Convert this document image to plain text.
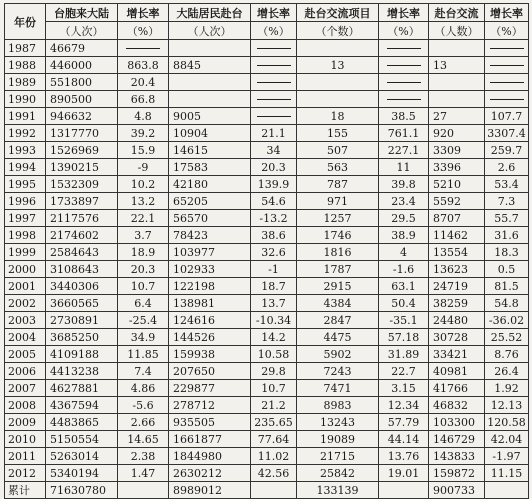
年份	台胞来大陆	增长率	大陆居民赴台	增长率	赴台交流项目	增长率	赴台交流	增长率
	（人次）	（%）	（人次）	（%）	（个数）	（%）	（人数）	（%）
1987	46679							
1988	446000	863.8	8845		13		13	
1989	551800	20.4						
1990	890500	66.8						
1991	946632	4.8	9005		18	38.5	27	107.7
1992	1317770	39.2	10904	21.1	155	761.1	920	3307.4
1993	1526969	15.9	14615	34	507	227.1	3309	259.7
1994	1390215	-9	17583	20.3	563	11	3396	2.6
1995	1532309	10.2	42180	139.9	787	39.8	5210	53.4
1996	1733897	13.2	65205	54.6	971	23.4	5592	7.3
1997	2117576	22.1	56570	-13.2	1257	29.5	8707	55.7
1998	2174602	3.7	78423	38.6	1746	38.9	11462	31.6
1999	2584643	18.9	103977	32.6	1816	4	13554	18.3
2000	3108643	20.3	102933	-1	1787	-1.6	13623	0.5
2001	3440306	10.7	122198	18.7	2915	63.1	24719	81.5
2002	3660565	6.4	138981	13.7	4384	50.4	38259	54.8
2003	2730891	-25.4	124616	-10.34	2847	-35.1	24480	-36.02
2004	3685250	34.9	144526	14.2	4475	57.18	30728	25.52
2005	4109188	11.85	159938	10.58	5902	31.89	33421	8.76
2006	4413238	7.4	207650	29.8	7243	22.7	40981	26.4
2007	4627881	4.86	229877	10.7	7471	3.15	41766	1.92
2008	4367594	-5.6	278712	21.2	8983	12.34	46832	12.13
2009	4483865	2.66	935505	235.65	13243	57.79	103300	120.58
2010	5150554	14.65	1661877	77.64	19089	44.14	146729	42.04
2011	5263014	2.38	1844980	11.02	21715	13.76	143833	-1.97
2012	5340194	1.47	2630212	42.56	25842	19.01	159872	11.15
累计	71630780		8989012		133139		900733	
